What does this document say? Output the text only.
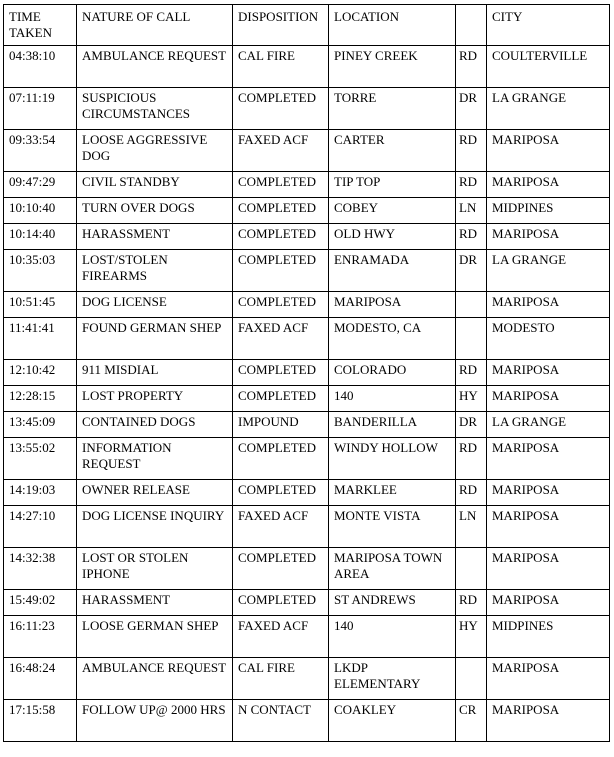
TIME TAKEN	NATURE OF CALL	DISPOSITION	LOCATION		CITY
04:38:10	AMBULANCE REQUEST	CAL FIRE	PINEY CREEK	RD	COULTERVILLE
07:11:19	SUSPICIOUS CIRCUMSTANCES	COMPLETED	TORRE	DR	LA GRANGE
09:33:54	LOOSE AGGRESSIVE DOG	FAXED ACF	CARTER	RD	MARIPOSA
09:47:29	CIVIL STANDBY	COMPLETED	TIP TOP	RD	MARIPOSA
10:10:40	TURN OVER DOGS	COMPLETED	COBEY	LN	MIDPINES
10:14:40	HARASSMENT	COMPLETED	OLD HWY	RD	MARIPOSA
10:35:03	LOST/STOLEN FIREARMS	COMPLETED	ENRAMADA	DR	LA GRANGE
10:51:45	DOG LICENSE	COMPLETED	MARIPOSA		MARIPOSA
11:41:41	FOUND GERMAN SHEP	FAXED ACF	MODESTO, CA		MODESTO
12:10:42	911 MISDIAL	COMPLETED	COLORADO	RD	MARIPOSA
12:28:15	LOST PROPERTY	COMPLETED	140	HY	MARIPOSA
13:45:09	CONTAINED DOGS	IMPOUND	BANDERILLA	DR	LA GRANGE
13:55:02	INFORMATION REQUEST	COMPLETED	WINDY HOLLOW	RD	MARIPOSA
14:19:03	OWNER RELEASE	COMPLETED	MARKLEE	RD	MARIPOSA
14:27:10	DOG LICENSE INQUIRY	FAXED ACF	MONTE VISTA	LN	MARIPOSA
14:32:38	LOST OR STOLEN IPHONE	COMPLETED	MARIPOSA TOWN AREA		MARIPOSA
15:49:02	HARASSMENT	COMPLETED	ST ANDREWS	RD	MARIPOSA
16:11:23	LOOSE GERMAN SHEP	FAXED ACF	140	HY	MIDPINES
16:48:24	AMBULANCE REQUEST	CAL FIRE	LKDP ELEMENTARY		MARIPOSA
17:15:58	FOLLOW UP@ 2000 HRS	N CONTACT	COAKLEY	CR	MARIPOSA
